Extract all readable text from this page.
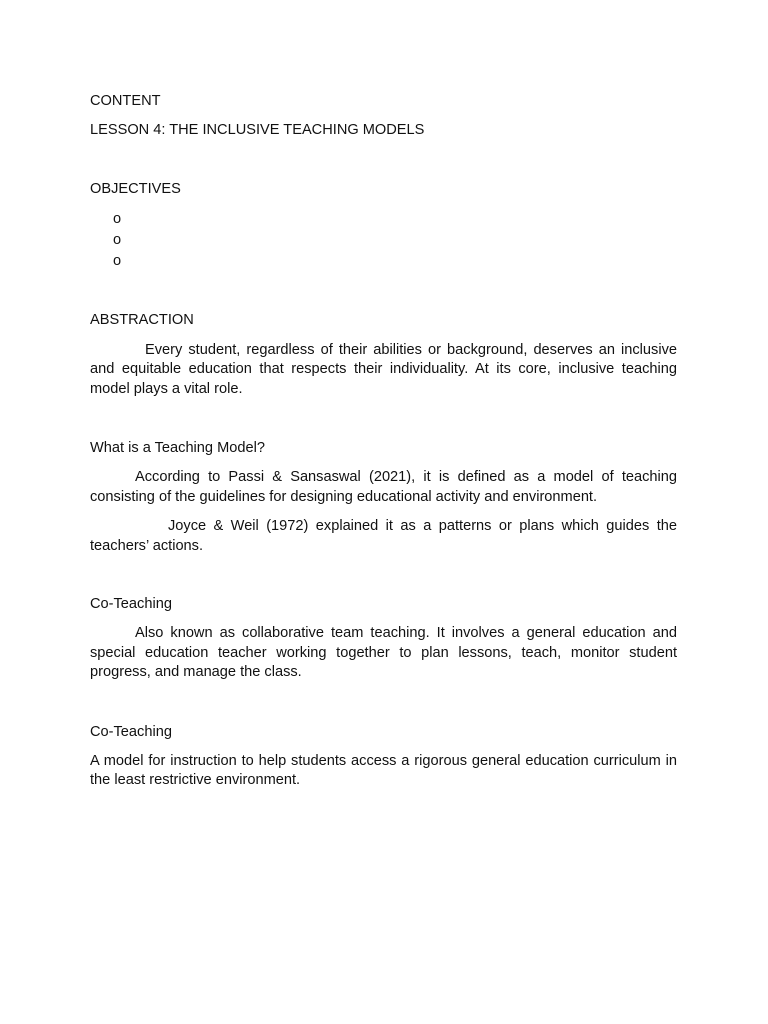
CONTENT

LESSON 4: THE INCLUSIVE TEACHING MODELS

OBJECTIVES

o
o
o

ABSTRACTION

Every student, regardless of their abilities or background, deserves an inclusive and equitable education that respects their individuality. At its core, inclusive teaching model plays a vital role.

What is a Teaching Model?

According to Passi & Sansaswal (2021), it is defined as a model of teaching consisting of the guidelines for designing educational activity and environment.

Joyce & Weil (1972) explained it as a patterns or plans which guides the teachers’ actions.

Co-Teaching

Also known as collaborative team teaching. It involves a general education and special education teacher working together to plan lessons, teach, monitor student progress, and manage the class.

Co-Teaching

A model for instruction to help students access a rigorous general education curriculum in the least restrictive environment.
